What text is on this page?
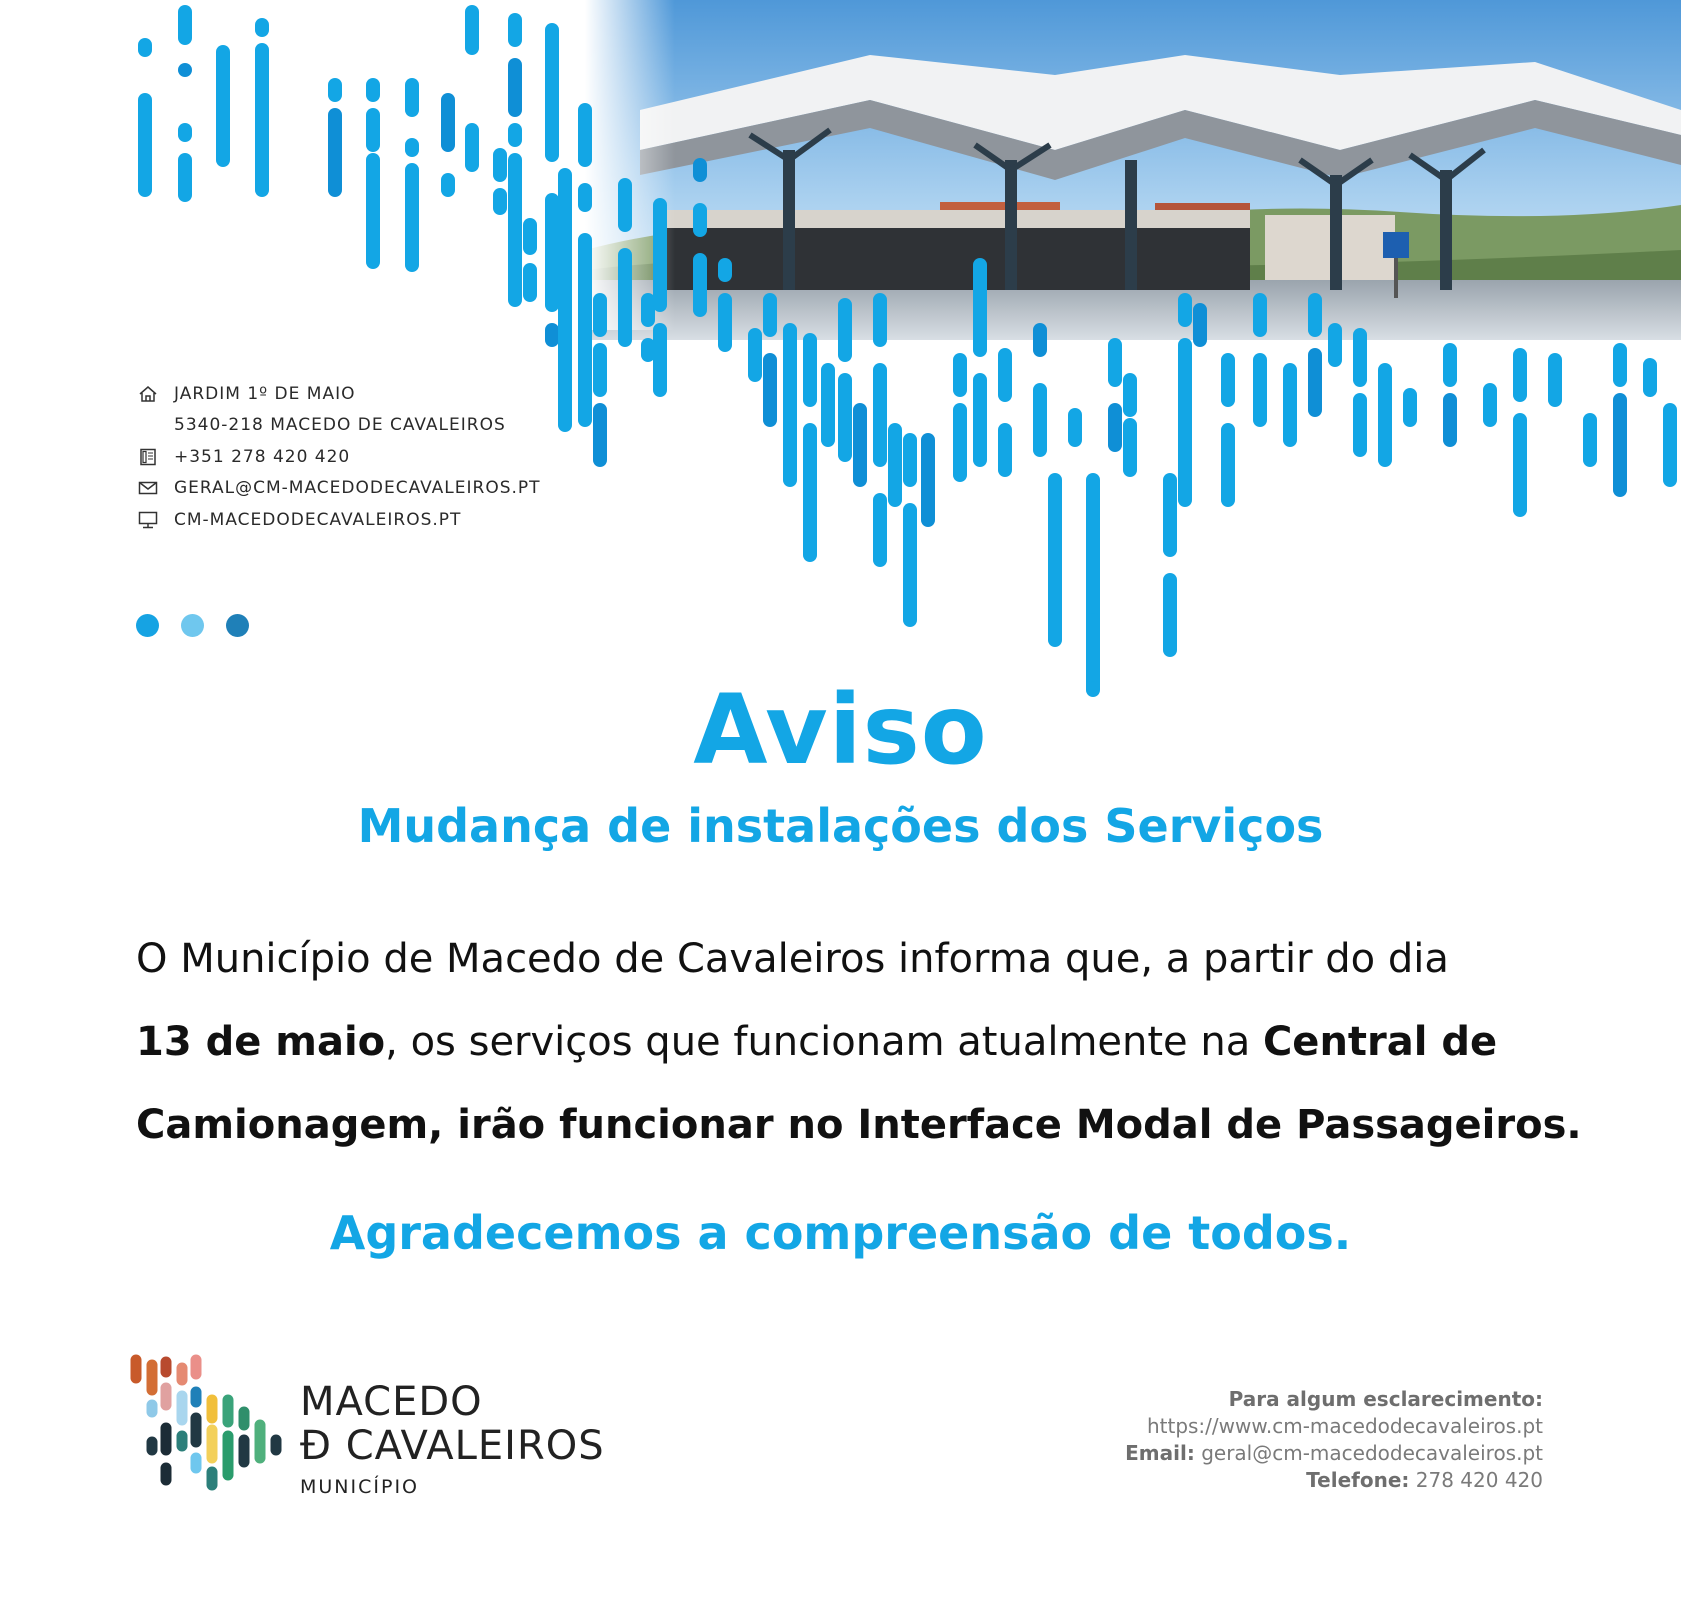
JARDIM 1º DE MAIO
5340-218 MACEDO DE CAVALEIROS
+351 278 420 420
GERAL@CM-MACEDODECAVALEIROS.PT
CM-MACEDODECAVALEIROS.PT
Aviso
Mudança de instalações dos Serviços
O Município de Macedo de Cavaleiros informa que, a partir do dia
13 de maio, os serviços que funcionam atualmente na Central de
Camionagem, irão funcionar no Interface Modal de Passageiros.
Agradecemos a compreensão de todos.
MACEDO
Ð CAVALEIROS
MUNICÍPIO
Para algum esclarecimento:
https://www.cm-macedodecavaleiros.pt
Email: geral@cm-macedodecavaleiros.pt
Telefone: 278 420 420
